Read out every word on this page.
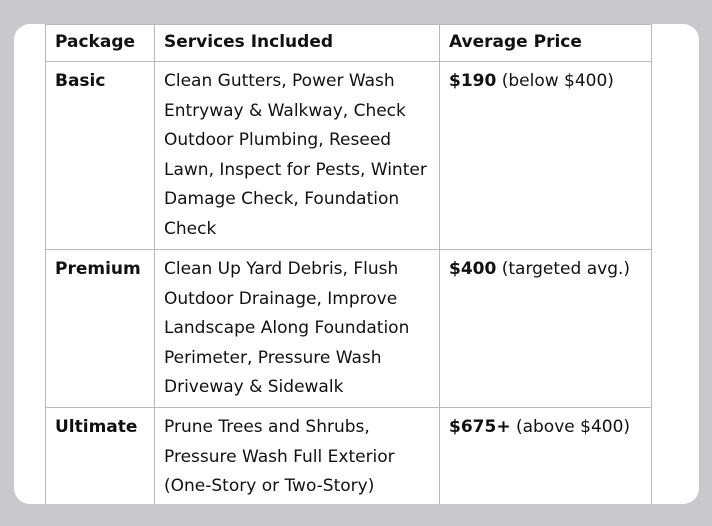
Package	Services Included	Average Price
Basic	Clean Gutters, Power Wash Entryway & Walkway, Check Outdoor Plumbing, Reseed Lawn, Inspect for Pests, Winter Damage Check, Foundation Check	$190 (below $400)
Premium	Clean Up Yard Debris, Flush Outdoor Drainage, Improve Landscape Along Foundation Perimeter, Pressure Wash Driveway & Sidewalk	$400 (targeted avg.)
Ultimate	Prune Trees and Shrubs, Pressure Wash Full Exterior (One-Story or Two-Story)	$675+ (above $400)
